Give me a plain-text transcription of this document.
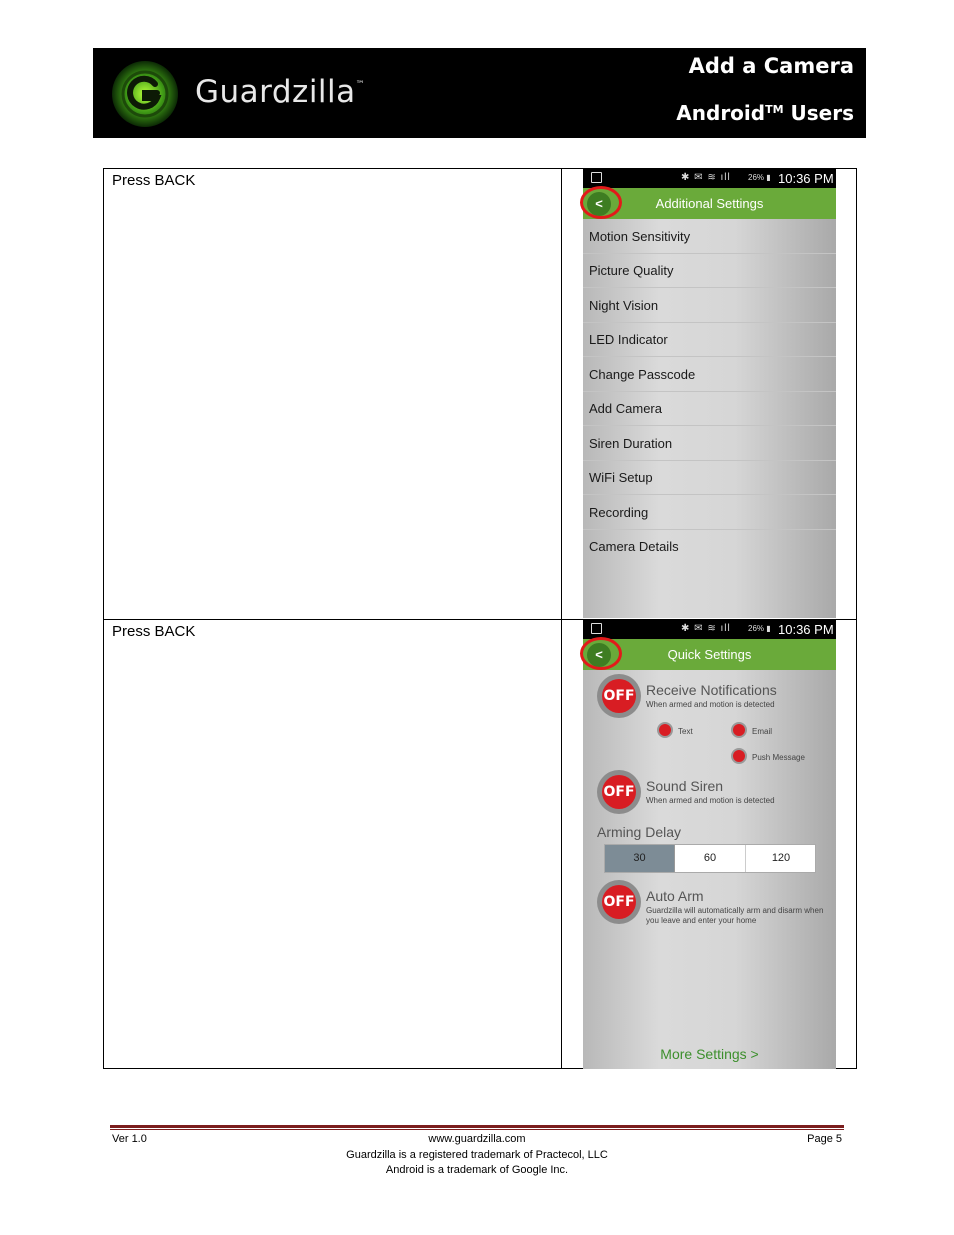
Guardzilla™
Add a Camera
Android™ Users
Press BACK	✱ ✉ ≋ ıll 26% ▮ 10:36 PM
<	Additional Settings
Motion Sensitivity
Picture Quality
Night Vision
LED Indicator
Change Passcode
Add Camera
Siren Duration
WiFi Setup
Recording
Camera Details
Press BACK	✱ ✉ ≋ ıll 26% ▮ 10:36 PM
<	Quick Settings
OFF Receive Notifications
When armed and motion is detected
Text	Email
Push Message
OFF Sound Siren
When armed and motion is detected
Arming Delay
30	60	120
OFF Auto Arm
Guardzilla will automatically arm and disarm when you leave and enter your home
More Settings >
Ver 1.0	www.guardzilla.com	Page 5
Guardzilla is a registered trademark of Practecol, LLC
Android is a trademark of Google Inc.
